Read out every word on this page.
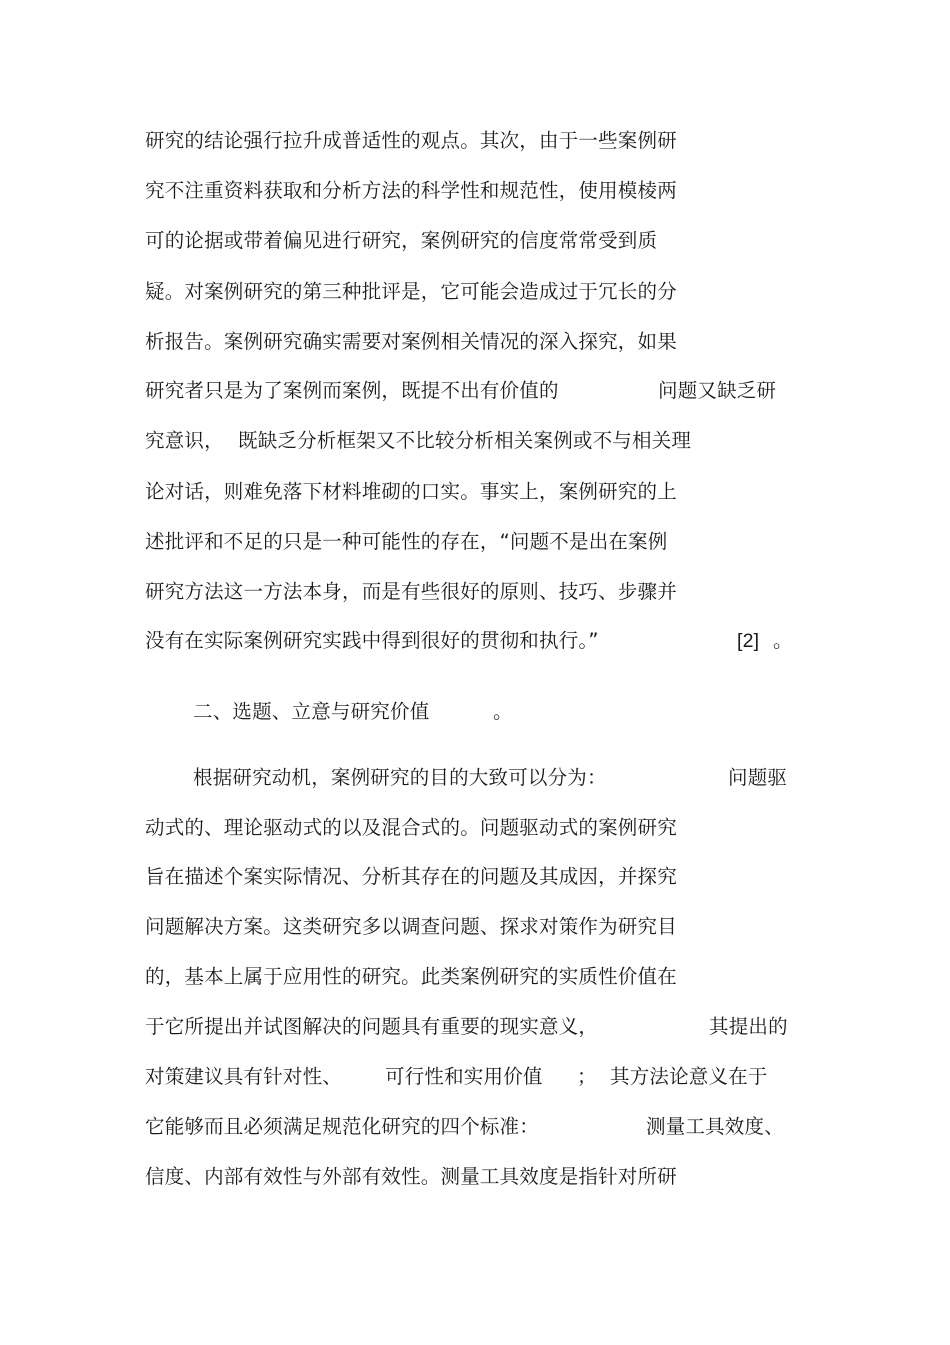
研究的结论强行拉升成普适性的观点。其次，由于一些案例研
究不注重资料获取和分析方法的科学性和规范性，使用模棱两
可的论据或带着偏见进行研究，案例研究的信度常常受到质
疑。对案例研究的第三种批评是，它可能会造成过于冗长的分
析报告。案例研究确实需要对案例相关情况的深入探究，如果
研究者只是为了案例而案例，既提不出有价值的	问题又缺乏研
究意识， 既缺乏分析框架又不比较分析相关案例或不与相关理
论对话，则难免落下材料堆砌的口实。事实上，案例研究的上
述批评和不足的只是一种可能性的存在，“问题不是出在案例
研究方法这一方法本身，而是有些很好的原则、技巧、步骤并
没有在实际案例研究实践中得到很好的贯彻和执行。”	[2] 。
二、选题、立意与研究价值	。
根据研究动机，案例研究的目的大致可以分为：	问题驱
动式的、理论驱动式的以及混合式的。问题驱动式的案例研究
旨在描述个案实际情况、分析其存在的问题及其成因，并探究
问题解决方案。这类研究多以调查问题、探求对策作为研究目
的，基本上属于应用性的研究。此类案例研究的实质性价值在
于它所提出并试图解决的问题具有重要的现实意义，	其提出的
对策建议具有针对性、 可行性和实用价值 ； 其方法论意义在于
它能够而且必须满足规范化研究的四个标准：	测量工具效度、
信度、内部有效性与外部有效性。测量工具效度是指针对所研
